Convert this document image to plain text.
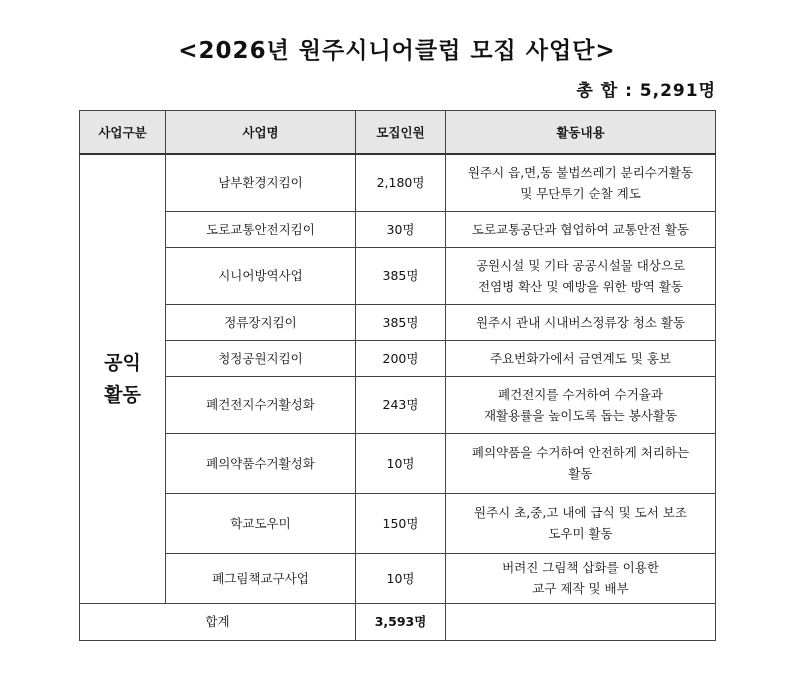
<2026년 원주시니어클럽 모집 사업단>
총 합 : 5,291명
사업구분	사업명	모집인원	활동내용

공익
활동	남부환경지킴이	2,180명	원주시 읍,면,동 불법쓰레기 분리수거활동
및 무단투기 순찰 계도

	도로교통안전지킴이	30명	도로교통공단과 협업하여 교통안전 활동

	시니어방역사업	385명	공원시설 및 기타 공공시설물 대상으로
전염병 확산 및 예방을 위한 방역 활동

	정류장지킴이	385명	원주시 관내 시내버스정류장 청소 활동

	청정공원지킴이	200명	주요번화가에서 금연계도 및 홍보

	폐건전지수거활성화	243명	폐건전지를 수거하여 수거율과
재활용률을 높이도록 돕는 봉사활동

	폐의약품수거활성화	10명	폐의약품을 수거하여 안전하게 처리하는
활동

	학교도우미	150명	원주시 초,중,고 내에 급식 및 도서 보조
도우미 활동

	폐그림책교구사업	10명	버려진 그림책 삽화를 이용한
교구 제작 및 배부

합계		3,593명	
